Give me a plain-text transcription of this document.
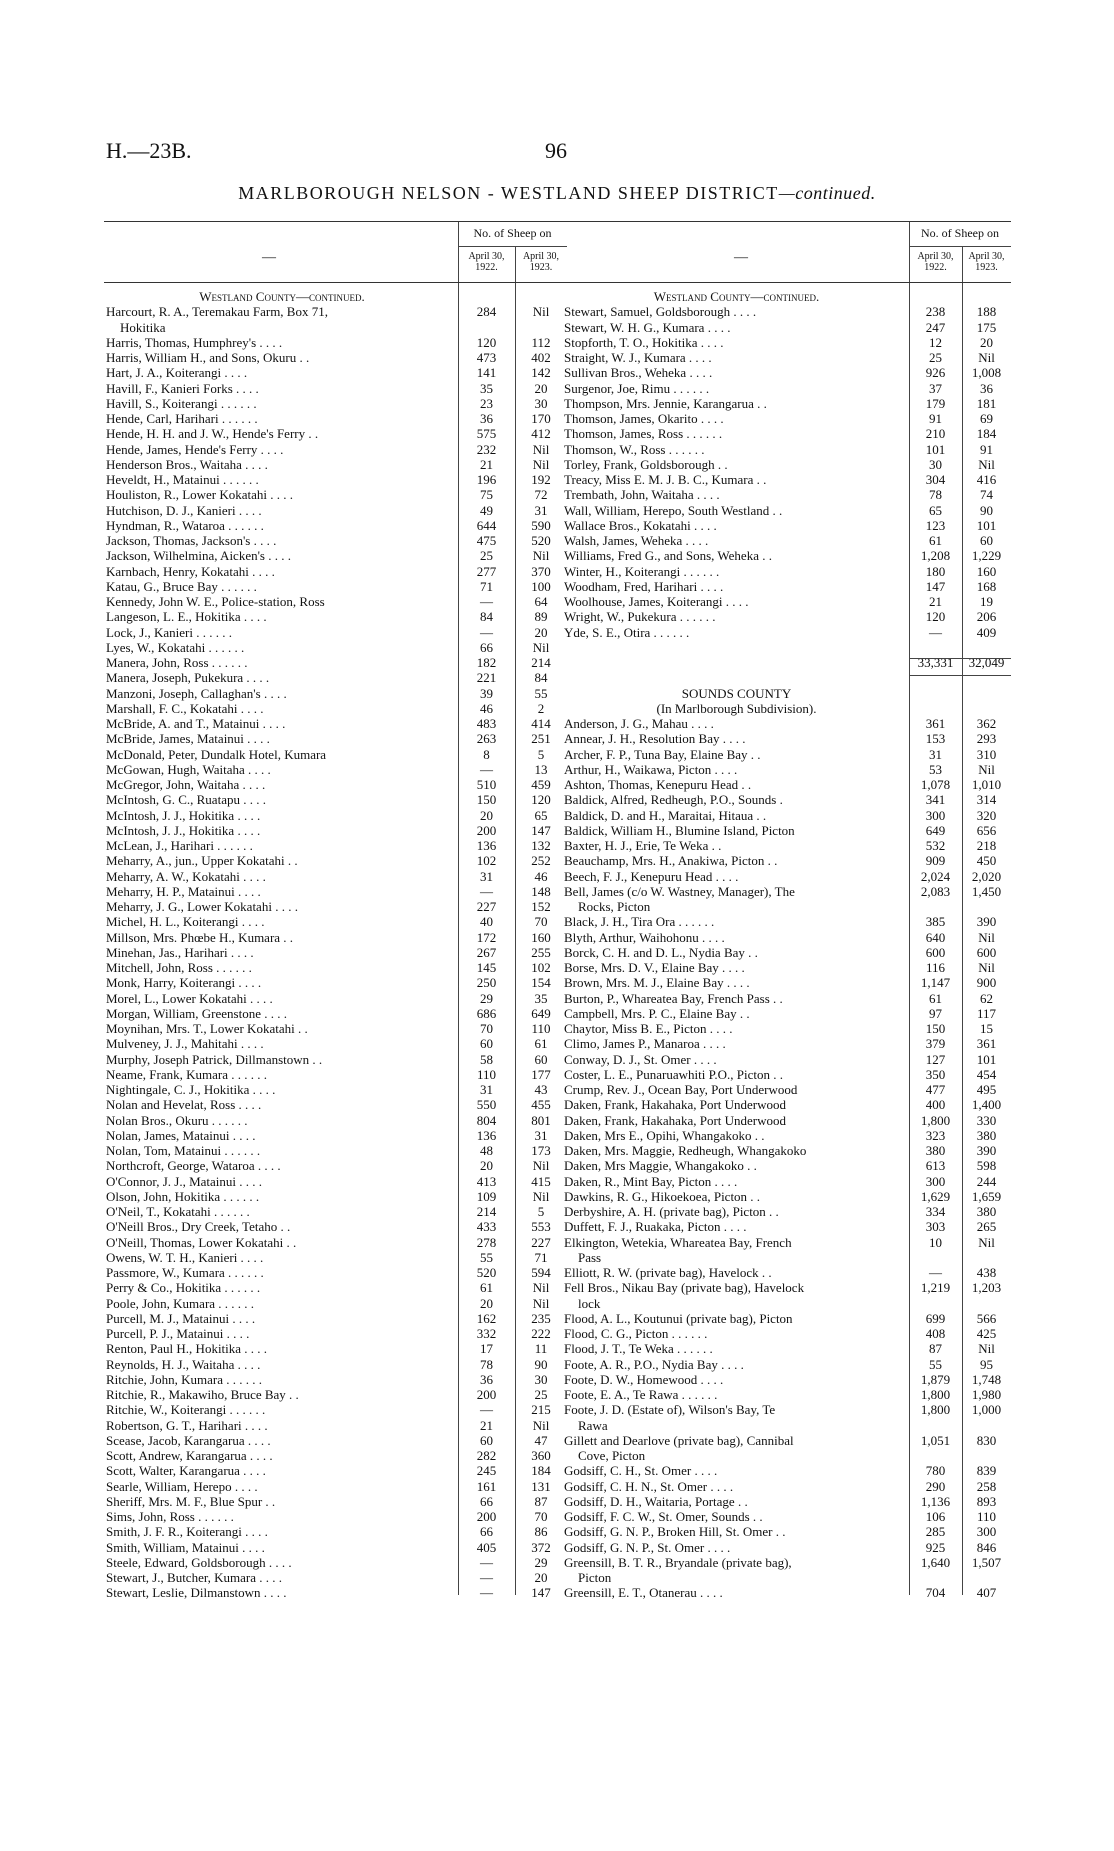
H.—23B.	96
MARLBOROUGH NELSON - WESTLAND SHEEP DISTRICT—continued.
—
No. of Sheep on
April 30,
1922.
April 30,
1923.
Westland County—continued.
Harcourt, R. A., Teremakau Farm, Box 71,	284	Nil
Hokitika
Harris, Thomas, Humphrey's . . . .	120	112
Harris, William H., and Sons, Okuru . .	473	402
Hart, J. A., Koiterangi . . . .	141	142
Havill, F., Kanieri Forks . . . .	35	20
Havill, S., Koiterangi . . . . . .	23	30
Hende, Carl, Harihari . . . . . .	36	170
Hende, H. H. and J. W., Hende's Ferry . .	575	412
Hende, James, Hende's Ferry . . . .	232	Nil
Henderson Bros., Waitaha . . . .	21	Nil
Heveldt, H., Matainui . . . . . .	196	192
Houliston, R., Lower Kokatahi . . . .	75	72
Hutchison, D. J., Kanieri . . . .	49	31
Hyndman, R., Wataroa . . . . . .	644	590
Jackson, Thomas, Jackson's . . . .	475	520
Jackson, Wilhelmina, Aicken's . . . .	25	Nil
Karnbach, Henry, Kokatahi . . . .	277	370
Katau, G., Bruce Bay . . . . . .	71	100
Kennedy, John W. E., Police-station, Ross	—	64
Langeson, L. E., Hokitika . . . .	84	89
Lock, J., Kanieri . . . . . .	—	20
Lyes, W., Kokatahi . . . . . .	66	Nil
Manera, John, Ross . . . . . .	182	214
Manera, Joseph, Pukekura . . . .	221	84
Manzoni, Joseph, Callaghan's . . . .	39	55
Marshall, F. C., Kokatahi . . . .	46	2
McBride, A. and T., Matainui . . . .	483	414
McBride, James, Matainui . . . .	263	251
McDonald, Peter, Dundalk Hotel, Kumara	8	5
McGowan, Hugh, Waitaha . . . .	—	13
McGregor, John, Waitaha . . . .	510	459
McIntosh, G. C., Ruatapu . . . .	150	120
McIntosh, J. J., Hokitika . . . .	20	65
McIntosh, J. J., Hokitika . . . .	200	147
McLean, J., Harihari . . . . . .	136	132
Meharry, A., jun., Upper Kokatahi . .	102	252
Meharry, A. W., Kokatahi . . . .	31	46
Meharry, H. P., Matainui . . . .	—	148
Meharry, J. G., Lower Kokatahi . . . .	227	152
Michel, H. L., Koiterangi . . . .	40	70
Millson, Mrs. Phœbe H., Kumara . .	172	160
Minehan, Jas., Harihari . . . .	267	255
Mitchell, John, Ross . . . . . .	145	102
Monk, Harry, Koiterangi . . . .	250	154
Morel, L., Lower Kokatahi . . . .	29	35
Morgan, William, Greenstone . . . .	686	649
Moynihan, Mrs. T., Lower Kokatahi . .	70	110
Mulveney, J. J., Mahitahi . . . .	60	61
Murphy, Joseph Patrick, Dillmanstown . .	58	60
Neame, Frank, Kumara . . . . . .	110	177
Nightingale, C. J., Hokitika . . . .	31	43
Nolan and Hevelat, Ross . . . .	550	455
Nolan Bros., Okuru . . . . . .	804	801
Nolan, James, Matainui . . . .	136	31
Nolan, Tom, Matainui . . . . . .	48	173
Northcroft, George, Wataroa . . . .	20	Nil
O'Connor, J. J., Matainui . . . .	413	415
Olson, John, Hokitika . . . . . .	109	Nil
O'Neil, T., Kokatahi . . . . . .	214	5
O'Neill Bros., Dry Creek, Tetaho . .	433	553
O'Neill, Thomas, Lower Kokatahi . .	278	227
Owens, W. T. H., Kanieri . . . .	55	71
Passmore, W., Kumara . . . . . .	520	594
Perry & Co., Hokitika . . . . . .	61	Nil
Poole, John, Kumara . . . . . .	20	Nil
Purcell, M. J., Matainui . . . .	162	235
Purcell, P. J., Matainui . . . .	332	222
Renton, Paul H., Hokitika . . . .	17	11
Reynolds, H. J., Waitaha . . . .	78	90
Ritchie, John, Kumara . . . . . .	36	30
Ritchie, R., Makawiho, Bruce Bay . .	200	25
Ritchie, W., Koiterangi . . . . . .	—	215
Robertson, G. T., Harihari . . . .	21	Nil
Scease, Jacob, Karangarua . . . .	60	47
Scott, Andrew, Karangarua . . . .	282	360
Scott, Walter, Karangarua . . . .	245	184
Searle, William, Herepo . . . .	161	131
Sheriff, Mrs. M. F., Blue Spur . .	66	87
Sims, John, Ross . . . . . .	200	70
Smith, J. F. R., Koiterangi . . . .	66	86
Smith, William, Matainui . . . .	405	372
Steele, Edward, Goldsborough . . . .	—	29
Stewart, J., Butcher, Kumara . . . .	—	20
Stewart, Leslie, Dilmanstown . . . .	—	147
—
No. of Sheep on
April 30,
1922.
April 30,
1923.
Westland County—continued.
Stewart, Samuel, Goldsborough . . . .	238	188
Stewart, W. H. G., Kumara . . . .	247	175
Stopforth, T. O., Hokitika . . . .	12	20
Straight, W. J., Kumara . . . .	25	Nil
Sullivan Bros., Weheka . . . .	926	1,008
Surgenor, Joe, Rimu . . . . . .	37	36
Thompson, Mrs. Jennie, Karangarua . .	179	181
Thomson, James, Okarito . . . .	91	69
Thomson, James, Ross . . . . . .	210	184
Thomson, W., Ross . . . . . .	101	91
Torley, Frank, Goldsborough . .	30	Nil
Treacy, Miss E. M. J. B. C., Kumara . .	304	416
Trembath, John, Waitaha . . . .	78	74
Wall, William, Herepo, South Westland . .	65	90
Wallace Bros., Kokatahi . . . .	123	101
Walsh, James, Weheka . . . .	61	60
Williams, Fred G., and Sons, Weheka . .	1,208	1,229
Winter, H., Koiterangi . . . . . .	180	160
Woodham, Fred, Harihari . . . .	147	168
Woolhouse, James, Koiterangi . . . .	21	19
Wright, W., Pukekura . . . . . .	120	206
Yde, S. E., Otira . . . . . .	—	409
33,331	32,049
SOUNDS COUNTY
(In Marlborough Subdivision).
Anderson, J. G., Mahau . . . .	361	362
Annear, J. H., Resolution Bay . . . .	153	293
Archer, F. P., Tuna Bay, Elaine Bay . .	31	310
Arthur, H., Waikawa, Picton . . . .	53	Nil
Ashton, Thomas, Kenepuru Head . .	1,078	1,010
Baldick, Alfred, Redheugh, P.O., Sounds .	341	314
Baldick, D. and H., Maraitai, Hitaua . .	300	320
Baldick, William H., Blumine Island, Picton	649	656
Baxter, H. J., Erie, Te Weka . .	532	218
Beauchamp, Mrs. H., Anakiwa, Picton . .	909	450
Beech, F. J., Kenepuru Head . . . .	2,024	2,020
Bell, James (c/o W. Wastney, Manager), The	2,083	1,450
Rocks, Picton
Black, J. H., Tira Ora . . . . . .	385	390
Blyth, Arthur, Waihohonu . . . .	640	Nil
Borck, C. H. and D. L., Nydia Bay . .	600	600
Borse, Mrs. D. V., Elaine Bay . . . .	116	Nil
Brown, Mrs. M. J., Elaine Bay . . . .	1,147	900
Burton, P., Whareatea Bay, French Pass . .	61	62
Campbell, Mrs. P. C., Elaine Bay . .	97	117
Chaytor, Miss B. E., Picton . . . .	150	15
Climo, James P., Manaroa . . . .	379	361
Conway, D. J., St. Omer . . . .	127	101
Coster, L. E., Punaruawhiti P.O., Picton . .	350	454
Crump, Rev. J., Ocean Bay, Port Underwood	477	495
Daken, Frank, Hakahaka, Port Underwood	400	1,400
Daken, Frank, Hakahaka, Port Underwood	1,800	330
Daken, Mrs E., Opihi, Whangakoko . .	323	380
Daken, Mrs. Maggie, Redheugh, Whangakoko	380	390
Daken, Mrs Maggie, Whangakoko . .	613	598
Daken, R., Mint Bay, Picton . . . .	300	244
Dawkins, R. G., Hikoekoea, Picton . .	1,629	1,659
Derbyshire, A. H. (private bag), Picton . .	334	380
Duffett, F. J., Ruakaka, Picton . . . .	303	265
Elkington, Wetekia, Whareatea Bay, French	10	Nil
Pass
Elliott, R. W. (private bag), Havelock . .	—	438
Fell Bros., Nikau Bay (private bag), Havelock	1,219	1,203
lock
Flood, A. L., Koutunui (private bag), Picton	699	566
Flood, C. G., Picton . . . . . .	408	425
Flood, J. T., Te Weka . . . . . .	87	Nil
Foote, A. R., P.O., Nydia Bay . . . .	55	95
Foote, D. W., Homewood . . . .	1,879	1,748
Foote, E. A., Te Rawa . . . . . .	1,800	1,980
Foote, J. D. (Estate of), Wilson's Bay, Te	1,800	1,000
Rawa
Gillett and Dearlove (private bag), Cannibal	1,051	830
Cove, Picton
Godsiff, C. H., St. Omer . . . .	780	839
Godsiff, C. H. N., St. Omer . . . .	290	258
Godsiff, D. H., Waitaria, Portage . .	1,136	893
Godsiff, F. C. W., St. Omer, Sounds . .	106	110
Godsiff, G. N. P., Broken Hill, St. Omer . .	285	300
Godsiff, G. N. P., St. Omer . . . .	925	846
Greensill, B. T. R., Bryandale (private bag),	1,640	1,507
Picton
Greensill, E. T., Otanerau . . . .	704	407
